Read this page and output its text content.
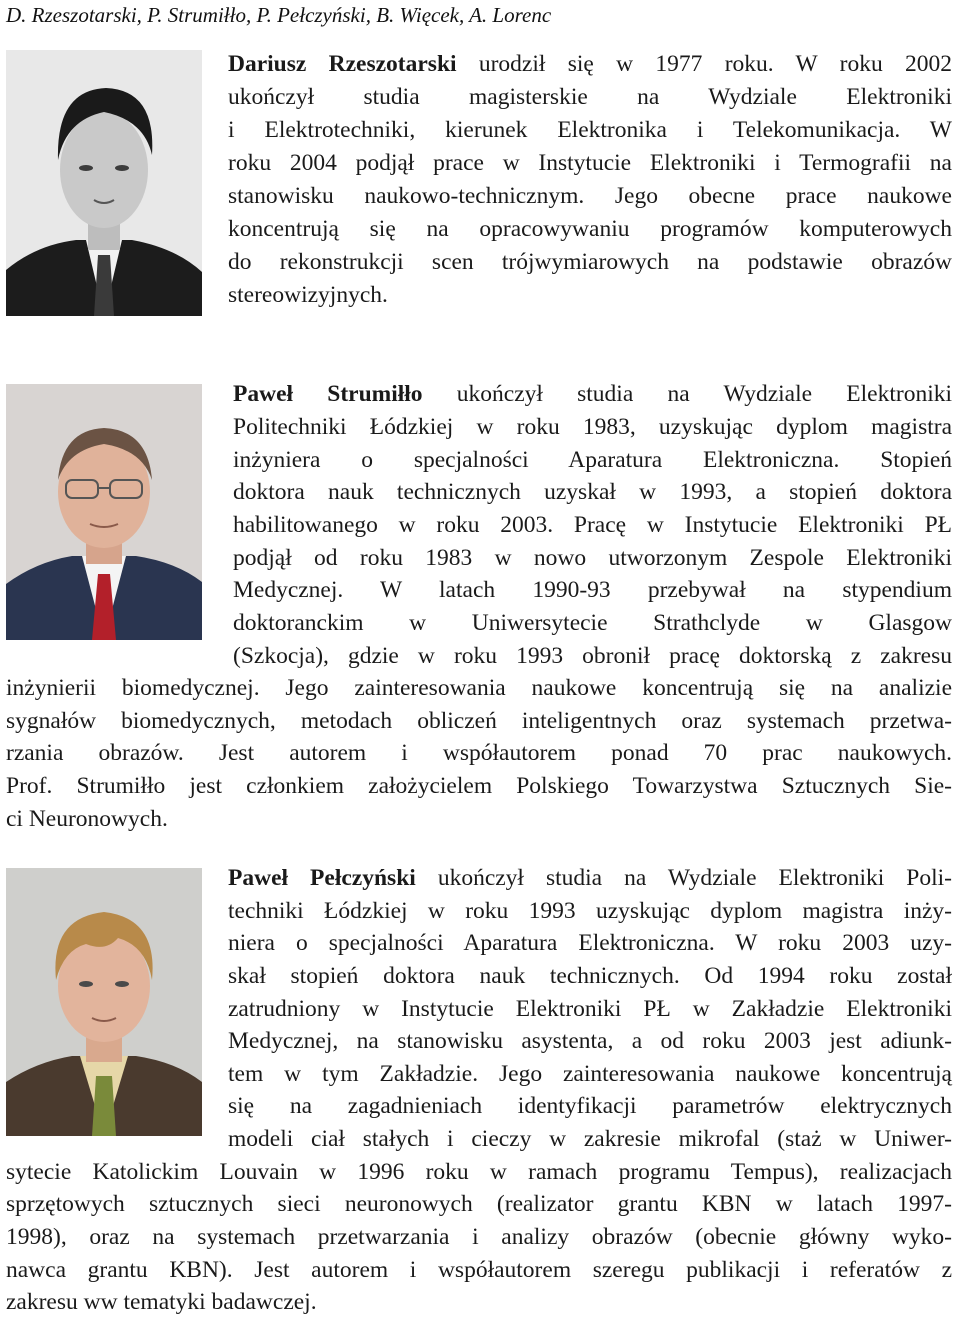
D. Rzeszotarski, P. Strumiłło, P. Pełczyński, B. Więcek, A. Lorenc
Dariusz Rzeszotarski urodził się w 1977 roku. W roku 2002
ukończył studia magisterskie na Wydziale Elektroniki
i Elektrotechniki, kierunek Elektronika i Telekomunikacja. W
roku 2004 podjął prace w Instytucie Elektroniki i Termografii na
stanowisku naukowo-technicznym. Jego obecne prace naukowe
koncentrują się na opracowywaniu programów komputerowych
do rekonstrukcji scen trójwymiarowych na podstawie obrazów
stereowizyjnych.
Paweł Strumiłło ukończył studia na Wydziale Elektroniki
Politechniki Łódzkiej w roku 1983, uzyskując dyplom magistra
inżyniera o specjalności Aparatura Elektroniczna. Stopień
doktora nauk technicznych uzyskał w 1993, a stopień doktora
habilitowanego w roku 2003. Pracę w Instytucie Elektroniki PŁ
podjął od roku 1983 w nowo utworzonym Zespole Elektroniki
Medycznej. W latach 1990-93 przebywał na stypendium
doktoranckim w Uniwersytecie Strathclyde w Glasgow
(Szkocja), gdzie w roku 1993 obronił pracę doktorską z zakresu
inżynierii biomedycznej. Jego zainteresowania naukowe koncentrują się na analizie
sygnałów biomedycznych, metodach obliczeń inteligentnych oraz systemach przetwa-
rzania obrazów. Jest autorem i współautorem ponad 70 prac naukowych.
Prof. Strumiłło jest członkiem założycielem Polskiego Towarzystwa Sztucznych Sie-
ci Neuronowych.
Paweł Pełczyński ukończył studia na Wydziale Elektroniki Poli-
techniki Łódzkiej w roku 1993 uzyskując dyplom magistra inży-
niera o specjalności Aparatura Elektroniczna. W roku 2003 uzy-
skał stopień doktora nauk technicznych. Od 1994 roku został
zatrudniony w Instytucie Elektroniki PŁ w Zakładzie Elektroniki
Medycznej, na stanowisku asystenta, a od roku 2003 jest adiunk-
tem w tym Zakładzie. Jego zainteresowania naukowe koncentrują
się na zagadnieniach identyfikacji parametrów elektrycznych
modeli ciał stałych i cieczy w zakresie mikrofal (staż w Uniwer-
sytecie Katolickim Louvain w 1996 roku w ramach programu Tempus), realizacjach
sprzętowych sztucznych sieci neuronowych (realizator grantu KBN w latach 1997-
1998), oraz na systemach przetwarzania i analizy obrazów (obecnie główny wyko-
nawca grantu KBN). Jest autorem i współautorem szeregu publikacji i referatów z
zakresu ww tematyki badawczej.
